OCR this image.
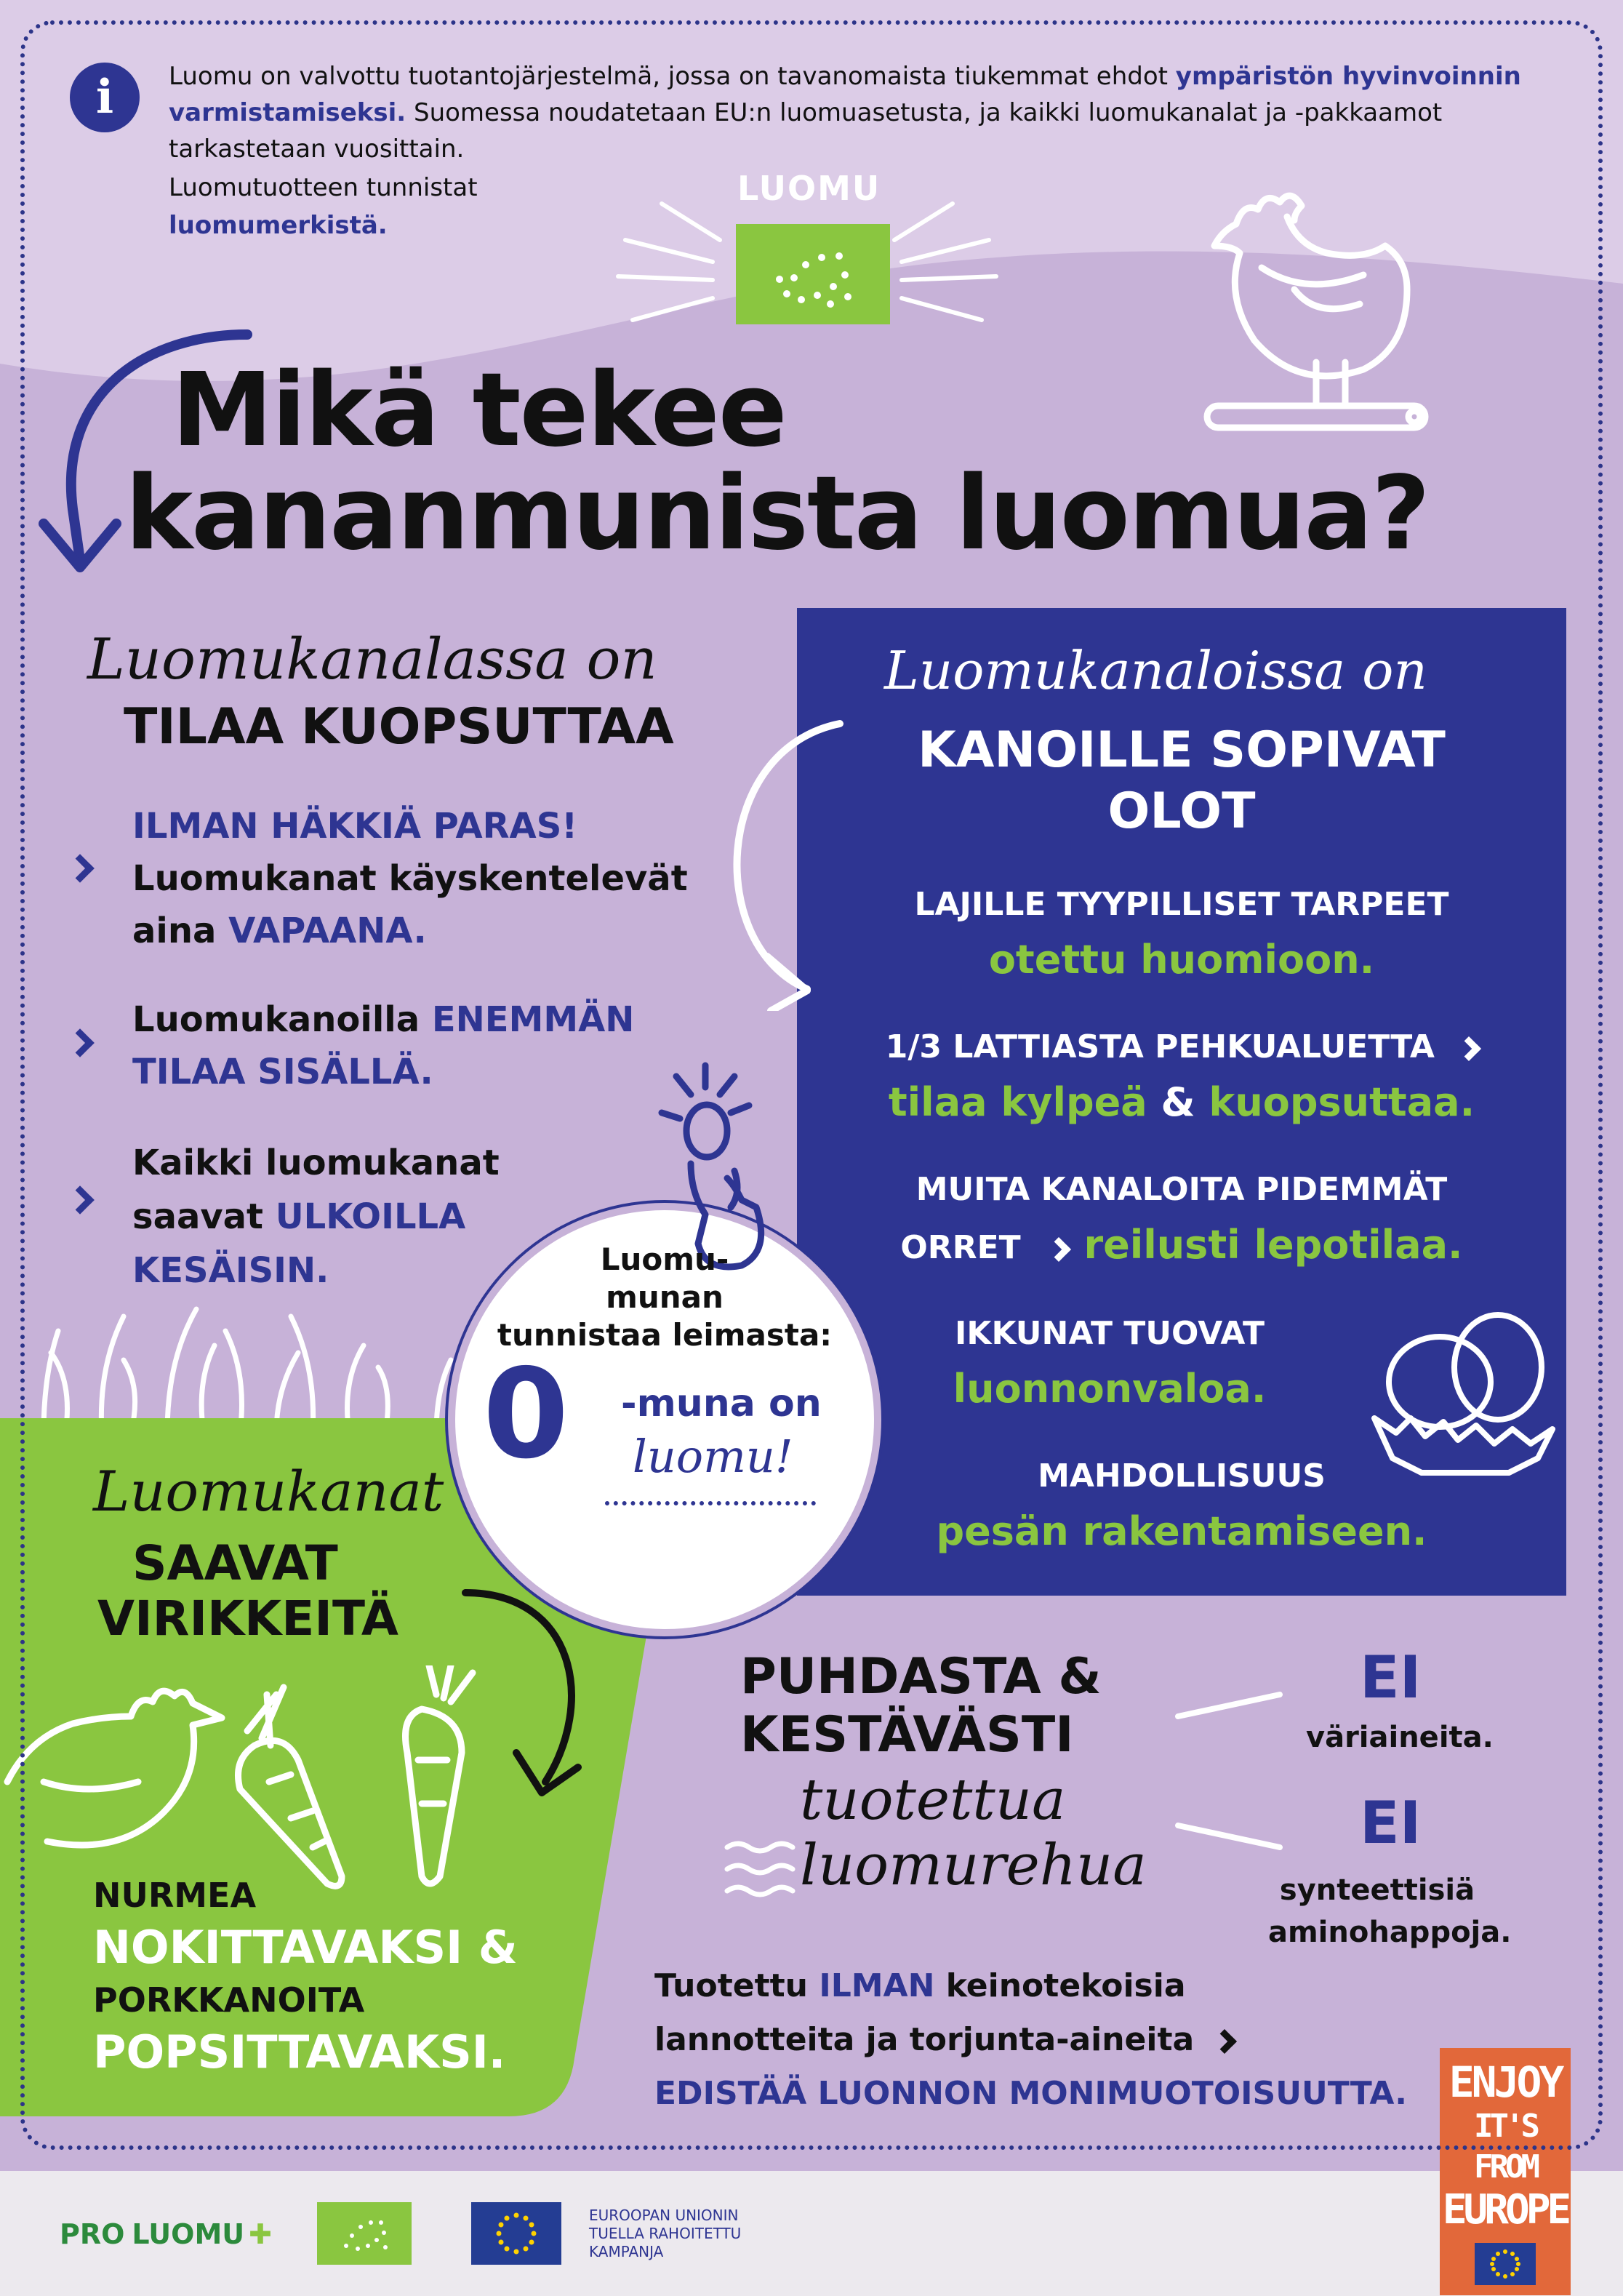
i	Luomu on valvottu tuotantojärjestelmä, jossa on tavanomaista tiukemmat ehdot ympäristön hyvinvoinnin varmistamiseksi. Suomessa noudatetaan EU:n luomuasetusta, ja kaikki luomukanalat ja -pakkaamot tarkastetaan vuosittain.
Luomutuotteen tunnistat
luomumerkistä.
LUOMU
Mikä tekee
kananmunista luomua?
Luomukanalassa on
TILAA KUOPSUTTAA
ILMAN HÄKKIÄ PARAS!
Luomukanat käyskentelevät
aina VAPAANA.
Luomukanoilla ENEMMÄN
TILAA SISÄLLÄ.
Kaikki luomukanat
saavat ULKOILLA
KESÄISIN.
Luomukanat
SAAVAT
VIRIKKEITÄ
NURMEA
NOKITTAVAKSI &
PORKKANOITA
POPSITTAVAKSI.
Luomukanaloissa on
KANOILLE SOPIVAT
OLOT
LAJILLE TYYPILLISET TARPEET
otettu huomioon.
1/3 LATTIASTA PEHKUALUETTA
tilaa kylpeä & kuopsuttaa.
MUITA KANALOITA PIDEMMÄT
ORRET reilusti lepotilaa.
IKKUNAT TUOVAT
luonnonvaloa.
MAHDOLLISUUS
pesän rakentamiseen.
Luomu-
munan
tunnistaa leimasta:
0 -muna on
luomu!
PUHDASTA &
KESTÄVÄSTI
tuotettua
luomurehua
EI
väriaineita.
EI
synteettisiä
aminohappoja.
Tuotettu ILMAN keinotekoisia
lannotteita ja torjunta-aineita
EDISTÄÄ LUONNON MONIMUOTOISUUTTA. ENJOY
IT'S FROM
EUROPE
PRO LUOMU ✚
EUROOPAN UNIONIN
TUELLA RAHOITETTU
KAMPANJA
